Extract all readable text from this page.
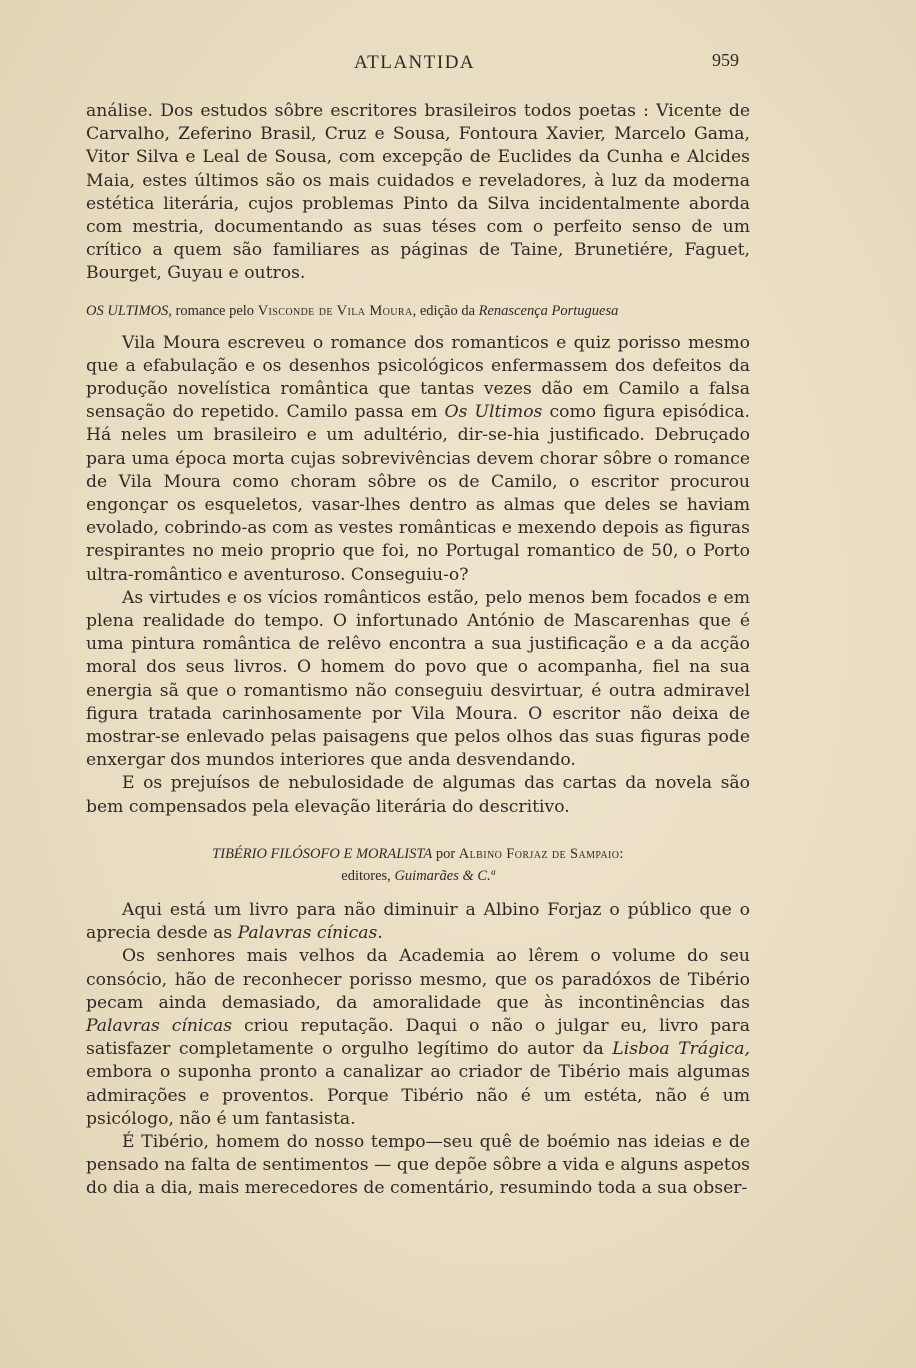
ATLANTIDA	959

análise. Dos estudos sôbre escritores brasileiros todos poetas : Vicente de Carvalho, Zeferino Brasil, Cruz e Sousa, Fontoura Xavier, Marcelo Gama, Vitor Silva e Leal de Sousa, com excepção de Euclides da Cunha e Alcides Maia, estes últimos são os mais cuidados e reveladores, à luz da moderna estética literária, cujos problemas Pinto da Silva incidentalmente aborda com mestria, documentando as suas téses com o perfeito senso de um crítico a quem são familiares as páginas de Taine, Brunetiére, Faguet, Bourget, Guyau e outros.

OS ULTIMOS, romance pelo Visconde de Vila Moura, edição da Renascença Portuguesa

Vila Moura escreveu o romance dos romanticos e quiz porisso mesmo que a efabulação e os desenhos psicológicos enfermassem dos defeitos da produção novelística romântica que tantas vezes dão em Camilo a falsa sensação do repetido. Camilo passa em Os Ultimos como figura episódica. Há neles um brasileiro e um adultério, dir-se-hia justificado. Debruçado para uma época morta cujas sobrevivências devem chorar sôbre o romance de Vila Moura como choram sôbre os de Camilo, o escritor procurou engonçar os esqueletos, vasar-lhes dentro as almas que deles se haviam evolado, cobrindo-as com as vestes românticas e mexendo depois as figuras respirantes no meio proprio que foi, no Portugal romantico de 50, o Porto ultra-romântico e aventuroso. Conseguiu-o?

As virtudes e os vícios românticos estão, pelo menos bem focados e em plena realidade do tempo. O infortunado António de Mascarenhas que é uma pintura romântica de relêvo encontra a sua justificação e a da acção moral dos seus livros. O homem do povo que o acompanha, fiel na sua energia sã que o romantismo não conseguiu desvirtuar, é outra admiravel figura tratada carinhosamente por Vila Moura. O escritor não deixa de mostrar-se enlevado pelas paisagens que pelos olhos das suas figuras pode enxergar dos mundos interiores que anda desvendando.

E os prejuísos de nebulosidade de algumas das cartas da novela são bem compensados pela elevação literária do descritivo.

TIBÉRIO FILÓSOFO E MORALISTA por Albino Forjaz de Sampaio:
editores, Guimarães & C.ª

Aqui está um livro para não diminuir a Albino Forjaz o público que o aprecia desde as Palavras cínicas.

Os senhores mais velhos da Academia ao lêrem o volume do seu consócio, hão de reconhecer porisso mesmo, que os paradóxos de Tibério pecam ainda demasiado, da amoralidade que às incontinências das Palavras cínicas criou reputação. Daqui o não o julgar eu, livro para satisfazer completamente o orgulho legítimo do autor da Lisboa Trágica, embora o suponha pronto a canalizar ao criador de Tibério mais algumas admirações e proventos. Porque Tibério não é um estéta, não é um psicólogo, não é um fantasista.

É Tibério, homem do nosso tempo—seu quê de boémio nas ideias e de pensado na falta de sentimentos — que depõe sôbre a vida e alguns aspetos do dia a dia, mais merecedores de comentário, resumindo toda a sua obser-
